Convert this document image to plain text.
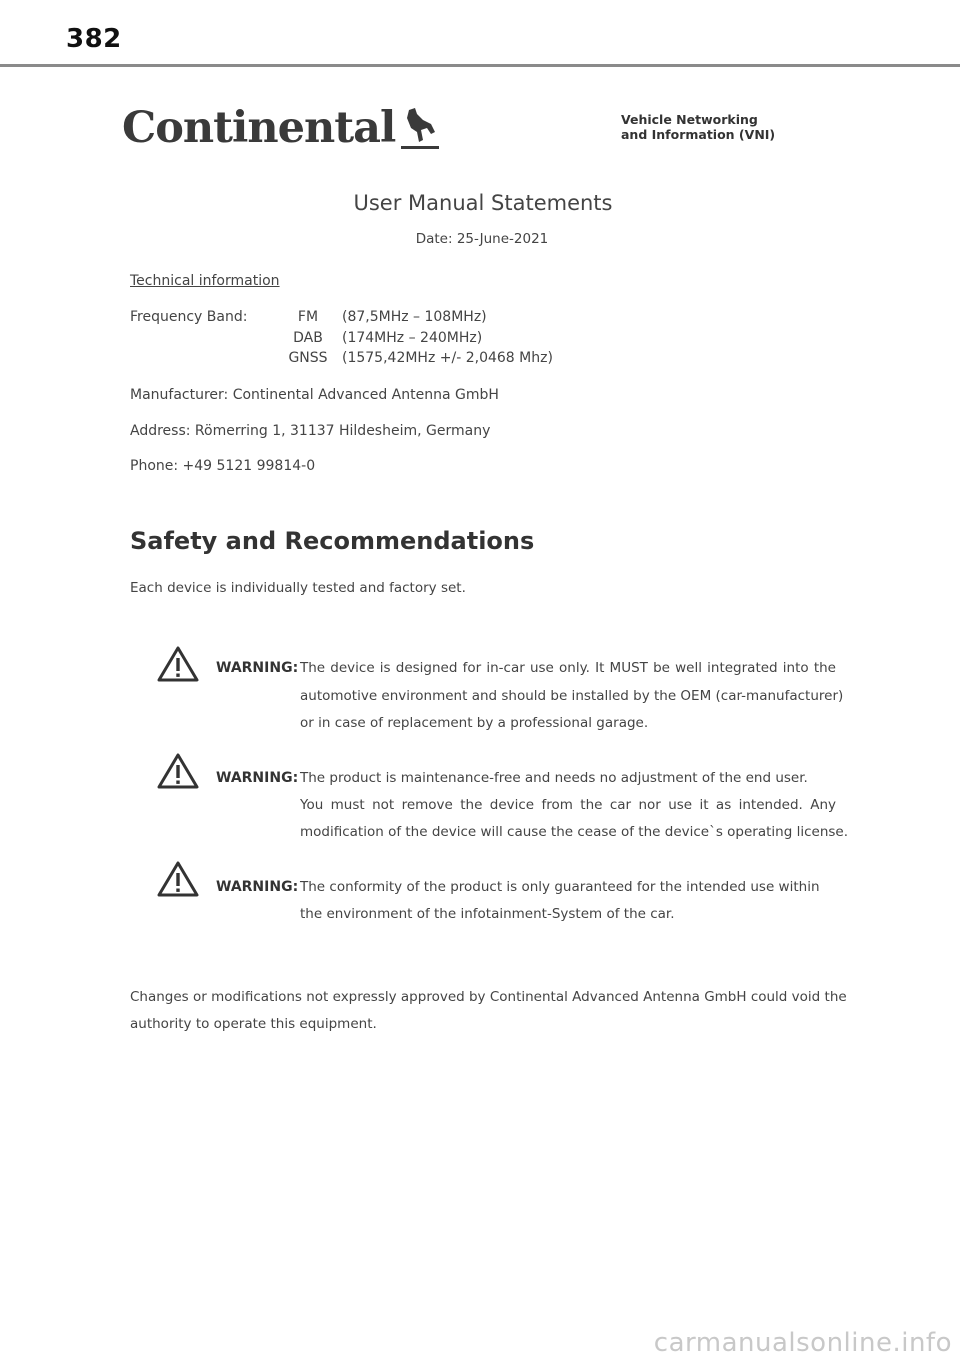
382
Continental	Vehicle Networking
and Information (VNI)
User Manual Statements
Date: 25-June-2021
Technical information
Frequency Band:	FM	(87,5MHz – 108MHz)
DAB	(174MHz – 240MHz)
GNSS	(1575,42MHz +/- 2,0468 Mhz)
Manufacturer: Continental Advanced Antenna GmbH
Address: Römerring 1, 31137 Hildesheim, Germany
Phone: +49 5121 99814-0
Safety and Recommendations
Each device is individually tested and factory set.
WARNING: The device is designed for in-car use only. It MUST be well integrated into the
automotive environment and should be installed by the OEM (car-manufacturer)
or in case of replacement by a professional garage.
WARNING: The product is maintenance-free and needs no adjustment of the end user.
You must not remove the device from the car nor use it as intended. Any
modification of the device will cause the cease of the device`s operating license.
WARNING: The conformity of the product is only guaranteed for the intended use within
the environment of the infotainment-System of the car.
Changes or modifications not expressly approved by Continental Advanced Antenna GmbH could void the
authority to operate this equipment.
carmanualsonline.info
